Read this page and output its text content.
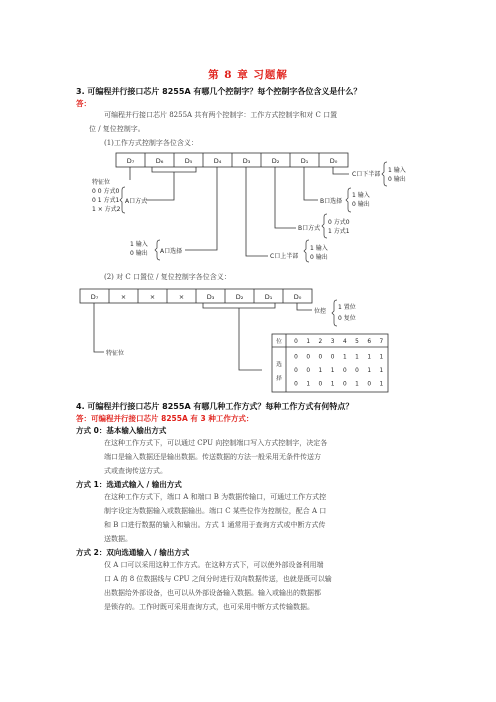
第 8 章 习题解
3. 可编程并行接口芯片 8255A 有哪几个控制字？每个控制字各位含义是什么？
答：
可编程并行接口芯片 8255A 共有两个控制字：工作方式控制字和对 C 口置
位 / 复位控制字。
(1)工作方式控制字各位含义：
D₇	D₆	D₅	D₄	D₃	D₂	D₁	D₀
特征位
0 0 方式0
0 1 方式1
1 × 方式2
A口方式
1 输入
0 输出 A口选择
C口上半部
1 输入
0 输出
B口方式
0 方式0
1 方式1
B口选择
1 输入
0 输出
C口下半部
1 输入
0 输出
D₇	×	×	×	D₃	D₂	D₁	D₀
特征位
位控
1 置位
0 复位
位
选
择
0 1 2 3 4 5 6 7
0 0 0 0 1 1 1 1
0 0 1 1 0 0 1 1
0 1 0 1 0 1 0 1
(2) 对 C 口置位 / 复位控制字各位含义：
4. 可编程并行接口芯片 8255A 有哪几种工作方式？每种工作方式有何特点？
答：可编程并行接口芯片 8255A 有 3 种工作方式：
方式 0：基本输入输出方式
在这种工作方式下，可以通过 CPU 向控制端口写入方式控制字，决定各
端口是输入数据还是输出数据。传送数据的方法一般采用无条件传送方
式或查询传送方式。
方式 1：选通式输入 / 输出方式
在这种工作方式下，端口 A 和端口 B 为数据传输口，可通过工作方式控
制字设定为数据输入或数据输出。端口 C 某些位作为控制位，配合 A 口
和 B 口进行数据的输入和输出。方式 1 通常用于查询方式或中断方式传
送数据。
方式 2：双向选通输入 / 输出方式
仅 A 口可以采用这种工作方式。在这种方式下，可以使外部设备利用端
口 A 的 8 位数据线与 CPU 之间分时进行双向数据传送，也就是既可以输
出数据给外部设备，也可以从外部设备输入数据。输入或输出的数据都
是锁存的。工作时既可采用查询方式，也可采用中断方式传输数据。
